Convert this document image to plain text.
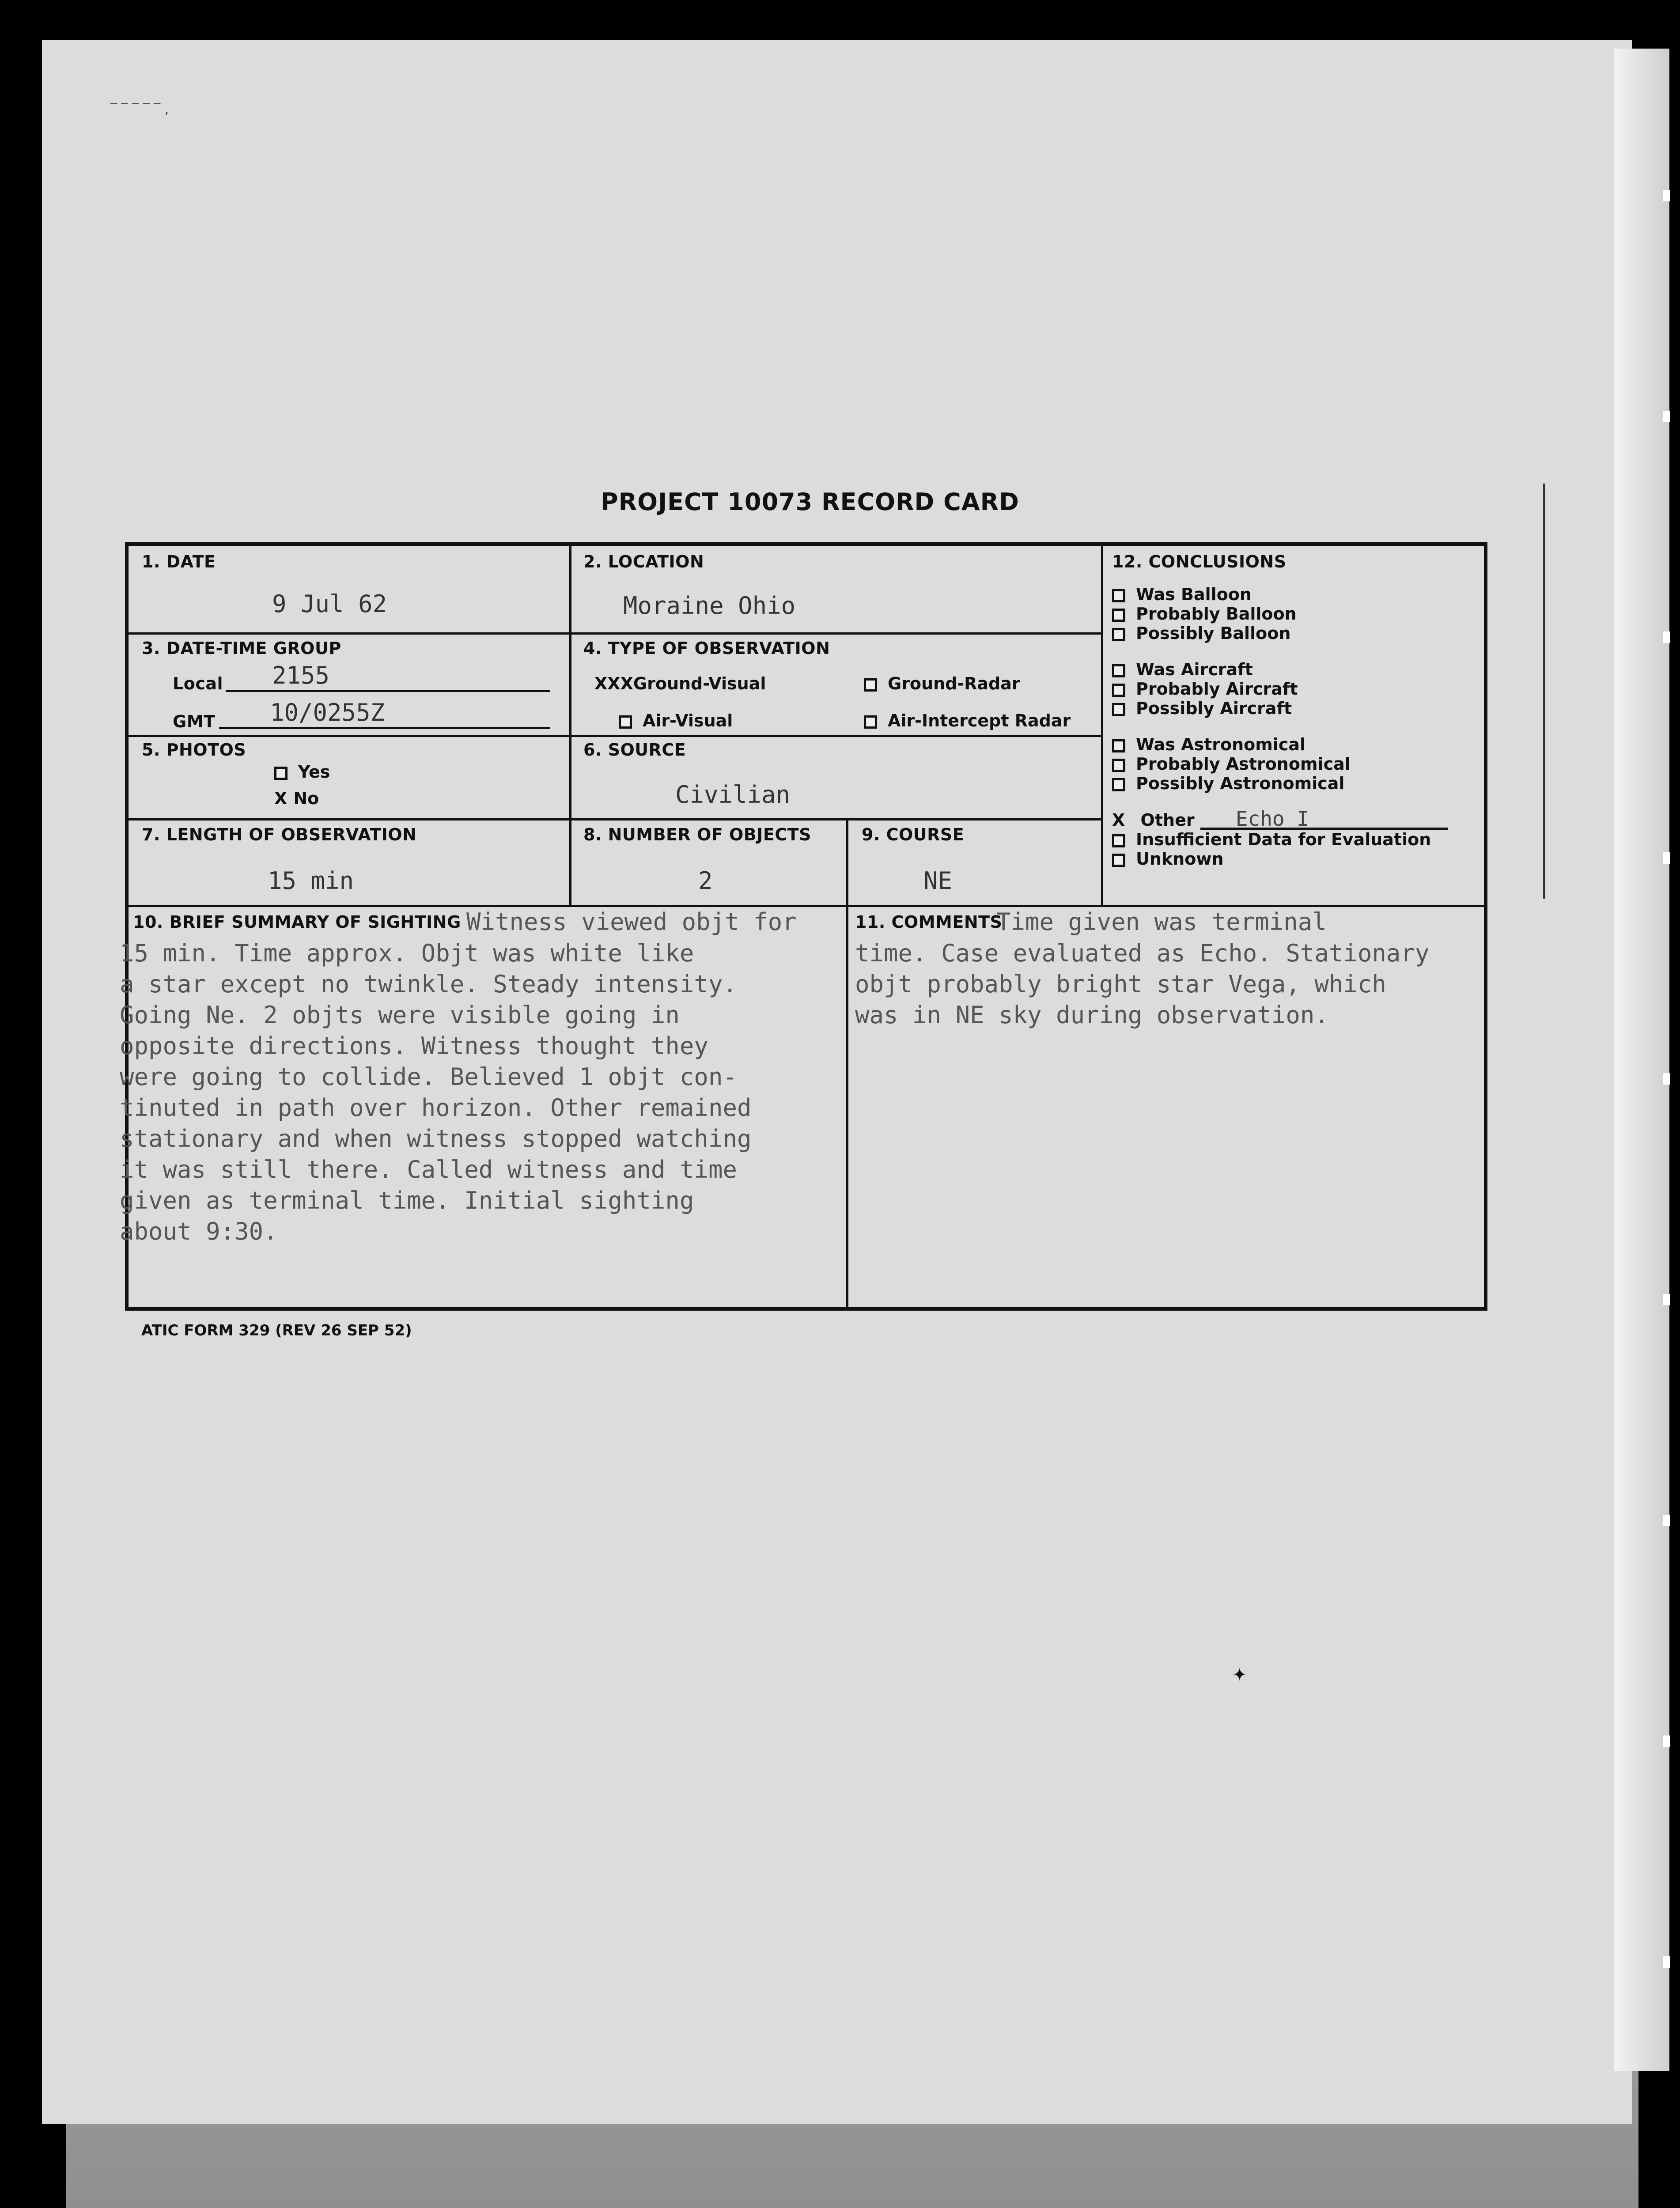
‾ ‾ ‾ ‾ ‾ ,
✦
PROJECT 10073 RECORD CARD
1. DATE
9 Jul 62
2. LOCATION
Moraine Ohio
3. DATE-TIME GROUP
Local 2155
GMT 10/0255Z
4. TYPE OF OBSERVATION
XXXGround-Visual	Ground-Radar
Air-Visual	Air-Intercept Radar
5. PHOTOS
Yes
X No
6. SOURCE
Civilian
7. LENGTH OF OBSERVATION
15 min
8. NUMBER OF OBJECTS
2
9. COURSE
NE
12. CONCLUSIONS
Was Balloon
Probably Balloon
Possibly Balloon
Was Aircraft
Probably Aircraft
Possibly Aircraft
Was Astronomical
Probably Astronomical
Possibly Astronomical
X Other Echo I
Insufficient Data for Evaluation
Unknown
10. BRIEF SUMMARY OF SIGHTING Witness viewed objt for
15 min. Time approx. Objt was white like
a star except no twinkle. Steady intensity.
Going Ne. 2 objts were visible going in
opposite directions. Witness thought they
were going to collide. Believed 1 objt con-
tinuted in path over horizon. Other remained
stationary and when witness stopped watching
it was still there. Called witness and time
given as terminal time. Initial sighting
about 9:30.
11. COMMENTS
Time given was terminal
time. Case evaluated as Echo. Stationary
objt probably bright star Vega, which
was in NE sky during observation.
ATIC FORM 329 (REV 26 SEP 52)
